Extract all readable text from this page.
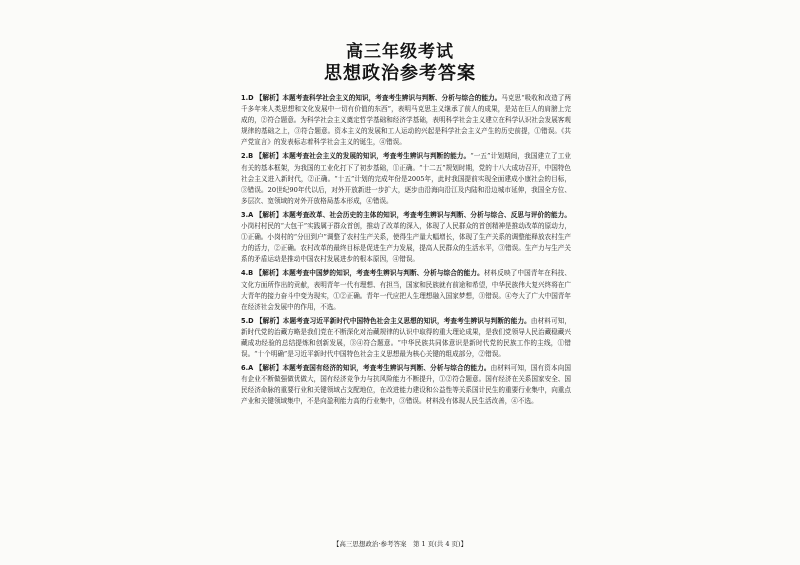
高三年级考试
思想政治参考答案

1.D 【解析】本题考查科学社会主义的知识，考查考生辨识与判断、分析与综合的能力。马克思“吸收和改造了两千多年来人类思想和文化发展中一切有价值的东西”，表明马克思主义继承了前人的成果，是站在巨人的肩膀上完成的，②符合题意。为科学社会主义奠定哲学基础和经济学基础，表明科学社会主义建立在科学认识社会发展客观规律的基础之上，③符合题意。资本主义的发展和工人运动的兴起是科学社会主义产生的历史前提，①错误。《共产党宣言》的发表标志着科学社会主义的诞生，④错误。

2.B 【解析】本题考查社会主义的发展的知识，考查考生辨识与判断的能力。“一五”计划期间，我国建立了工业有关的基本框架，为我国的工业化打下了初步基础，①正确。“十二五”规划时期，党的十八大成功召开，中国特色社会主义进入新时代，②正确。“十五”计划的完成年份是2005年，此时我国提前实现全面建成小康社会的目标，③错误。20世纪90年代以后，对外开放新进一步扩大，逐步由沿海向沿江及内陆和沿边城市延伸，我国全方位、多层次、宽领域的对外开放格局基本形成，④错误。

3.A 【解析】本题考查改革、社会历史的主体的知识，考查考生辨识与判断、分析与综合、反思与评价的能力。小岗村村民的“大包干”实践属于群众首创，推动了改革的深入，体现了人民群众的首创精神是推动改革的原动力，①正确。小岗村的“分田到户”调整了农村生产关系，使得生产量大幅增长，体现了生产关系的调整能释放农村生产力的活力，②正确。农村改革的最终目标是促进生产力发展，提高人民群众的生活水平，③错误。生产力与生产关系的矛盾运动是推动中国农村发展进步的根本原因，④错误。

4.B 【解析】本题考查中国梦的知识，考查考生辨识与判断、分析与综合的能力。材料反映了中国青年在科技、文化方面所作出的贡献，表明青年一代有理想、有担当，国家和民族就有前途和希望，中华民族伟大复兴终将在广大青年的接力奋斗中变为现实，①②正确。青年一代应把人生理想融入国家梦想，③错误。④夸大了广大中国青年在经济社会发展中的作用，不选。

5.D 【解析】本题考查习近平新时代中国特色社会主义思想的知识，考查考生辨识与判断的能力。由材料可知，新时代党的治藏方略是我们党在不断深化对治藏规律的认识中取得的重大理论成果，是我们党领导人民治藏稳藏兴藏成功经验的总结提炼和创新发展，③④符合题意。“中华民族共同体意识是新时代党的民族工作的主线，①错误。“十个明确”是习近平新时代中国特色社会主义思想最为核心关键的组成部分，②错误。

6.A 【解析】本题考查国有经济的知识，考查考生辨识与判断、分析与综合的能力。由材料可知，国有资本向国有企业不断做强做优做大，国有经济竞争力与抗风险能力不断提升，①②符合题意。国有经济在关系国家安全、国民经济命脉的重要行业和关键领域占支配地位，在改进能力建设和公益性等关系国计民生的重要行业集中，向重点产业和关键领域集中，不是向盈利能力高的行业集中，③错误。材料没有体现人民生活改善，④不选。

【高三思想政治·参考答案　第 1 页(共 4 页)】
